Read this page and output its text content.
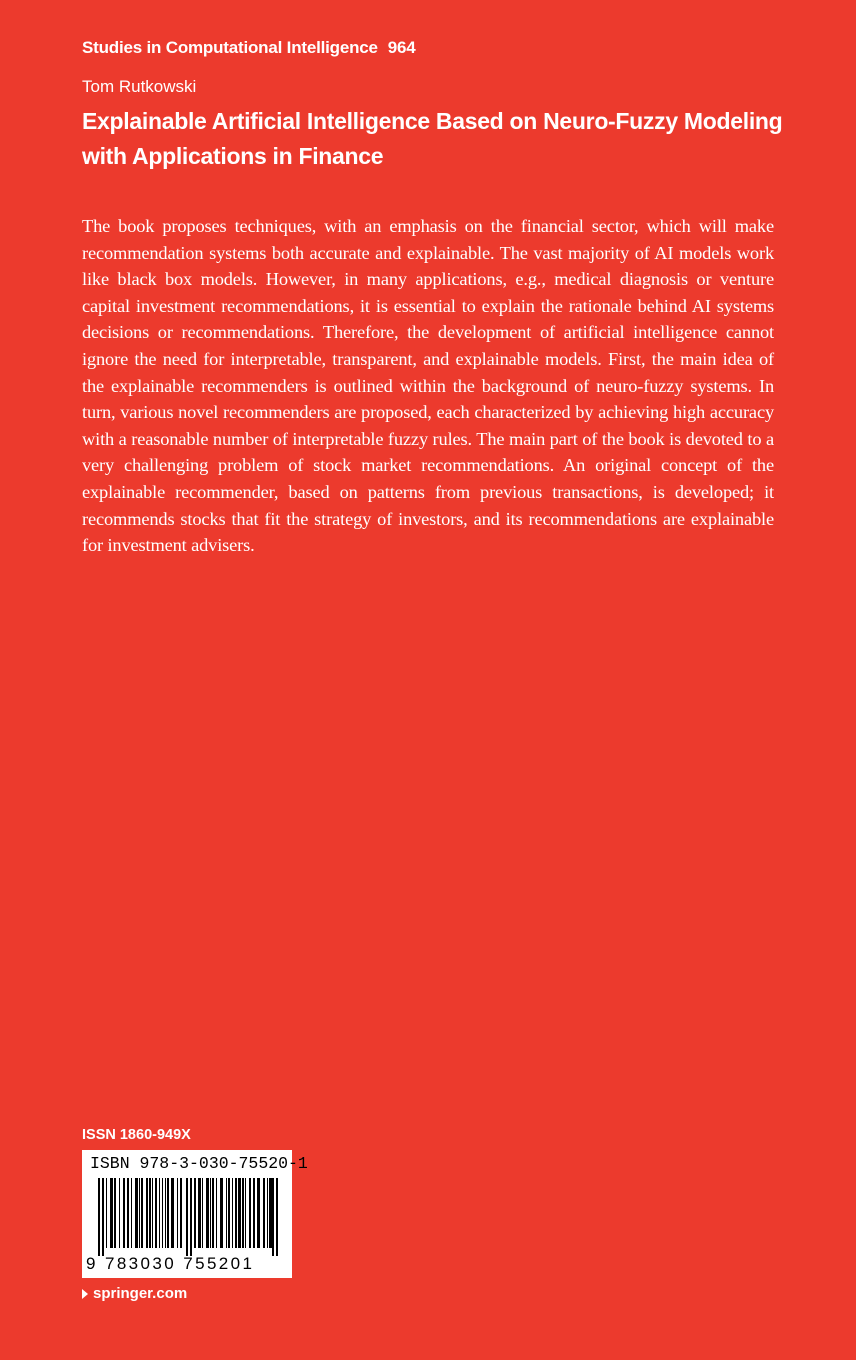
Studies in Computational Intelligence 964
Tom Rutkowski
Explainable Artificial Intelligence Based on Neuro-Fuzzy Modeling
with Applications in Finance
The book proposes techniques, with an emphasis on the financial sector, which will make recommendation systems both accurate and explainable. The vast majority of AI models work like black box models. However, in many applications, e.g., medical diagnosis or venture capital investment recommendations, it is essential to explain the rationale behind AI systems decisions or recommendations. Therefore, the development of artificial intelligence cannot ignore the need for interpretable, transparent, and explainable models. First, the main idea of the explainable recommenders is outlined within the background of neuro-fuzzy systems. In turn, various novel recommenders are proposed, each characterized by achieving high accuracy with a reasonable number of interpretable fuzzy rules. The main part of the book is devoted to a very challenging problem of stock market recommendations. An original concept of the explainable recommender, based on patterns from previous transactions, is developed; it recommends stocks that fit the strategy of investors, and its recommendations are explainable for investment advisers.
ISSN 1860-949X
ISBN 978-3-030-75520-1
9 783030 755201
springer.com
